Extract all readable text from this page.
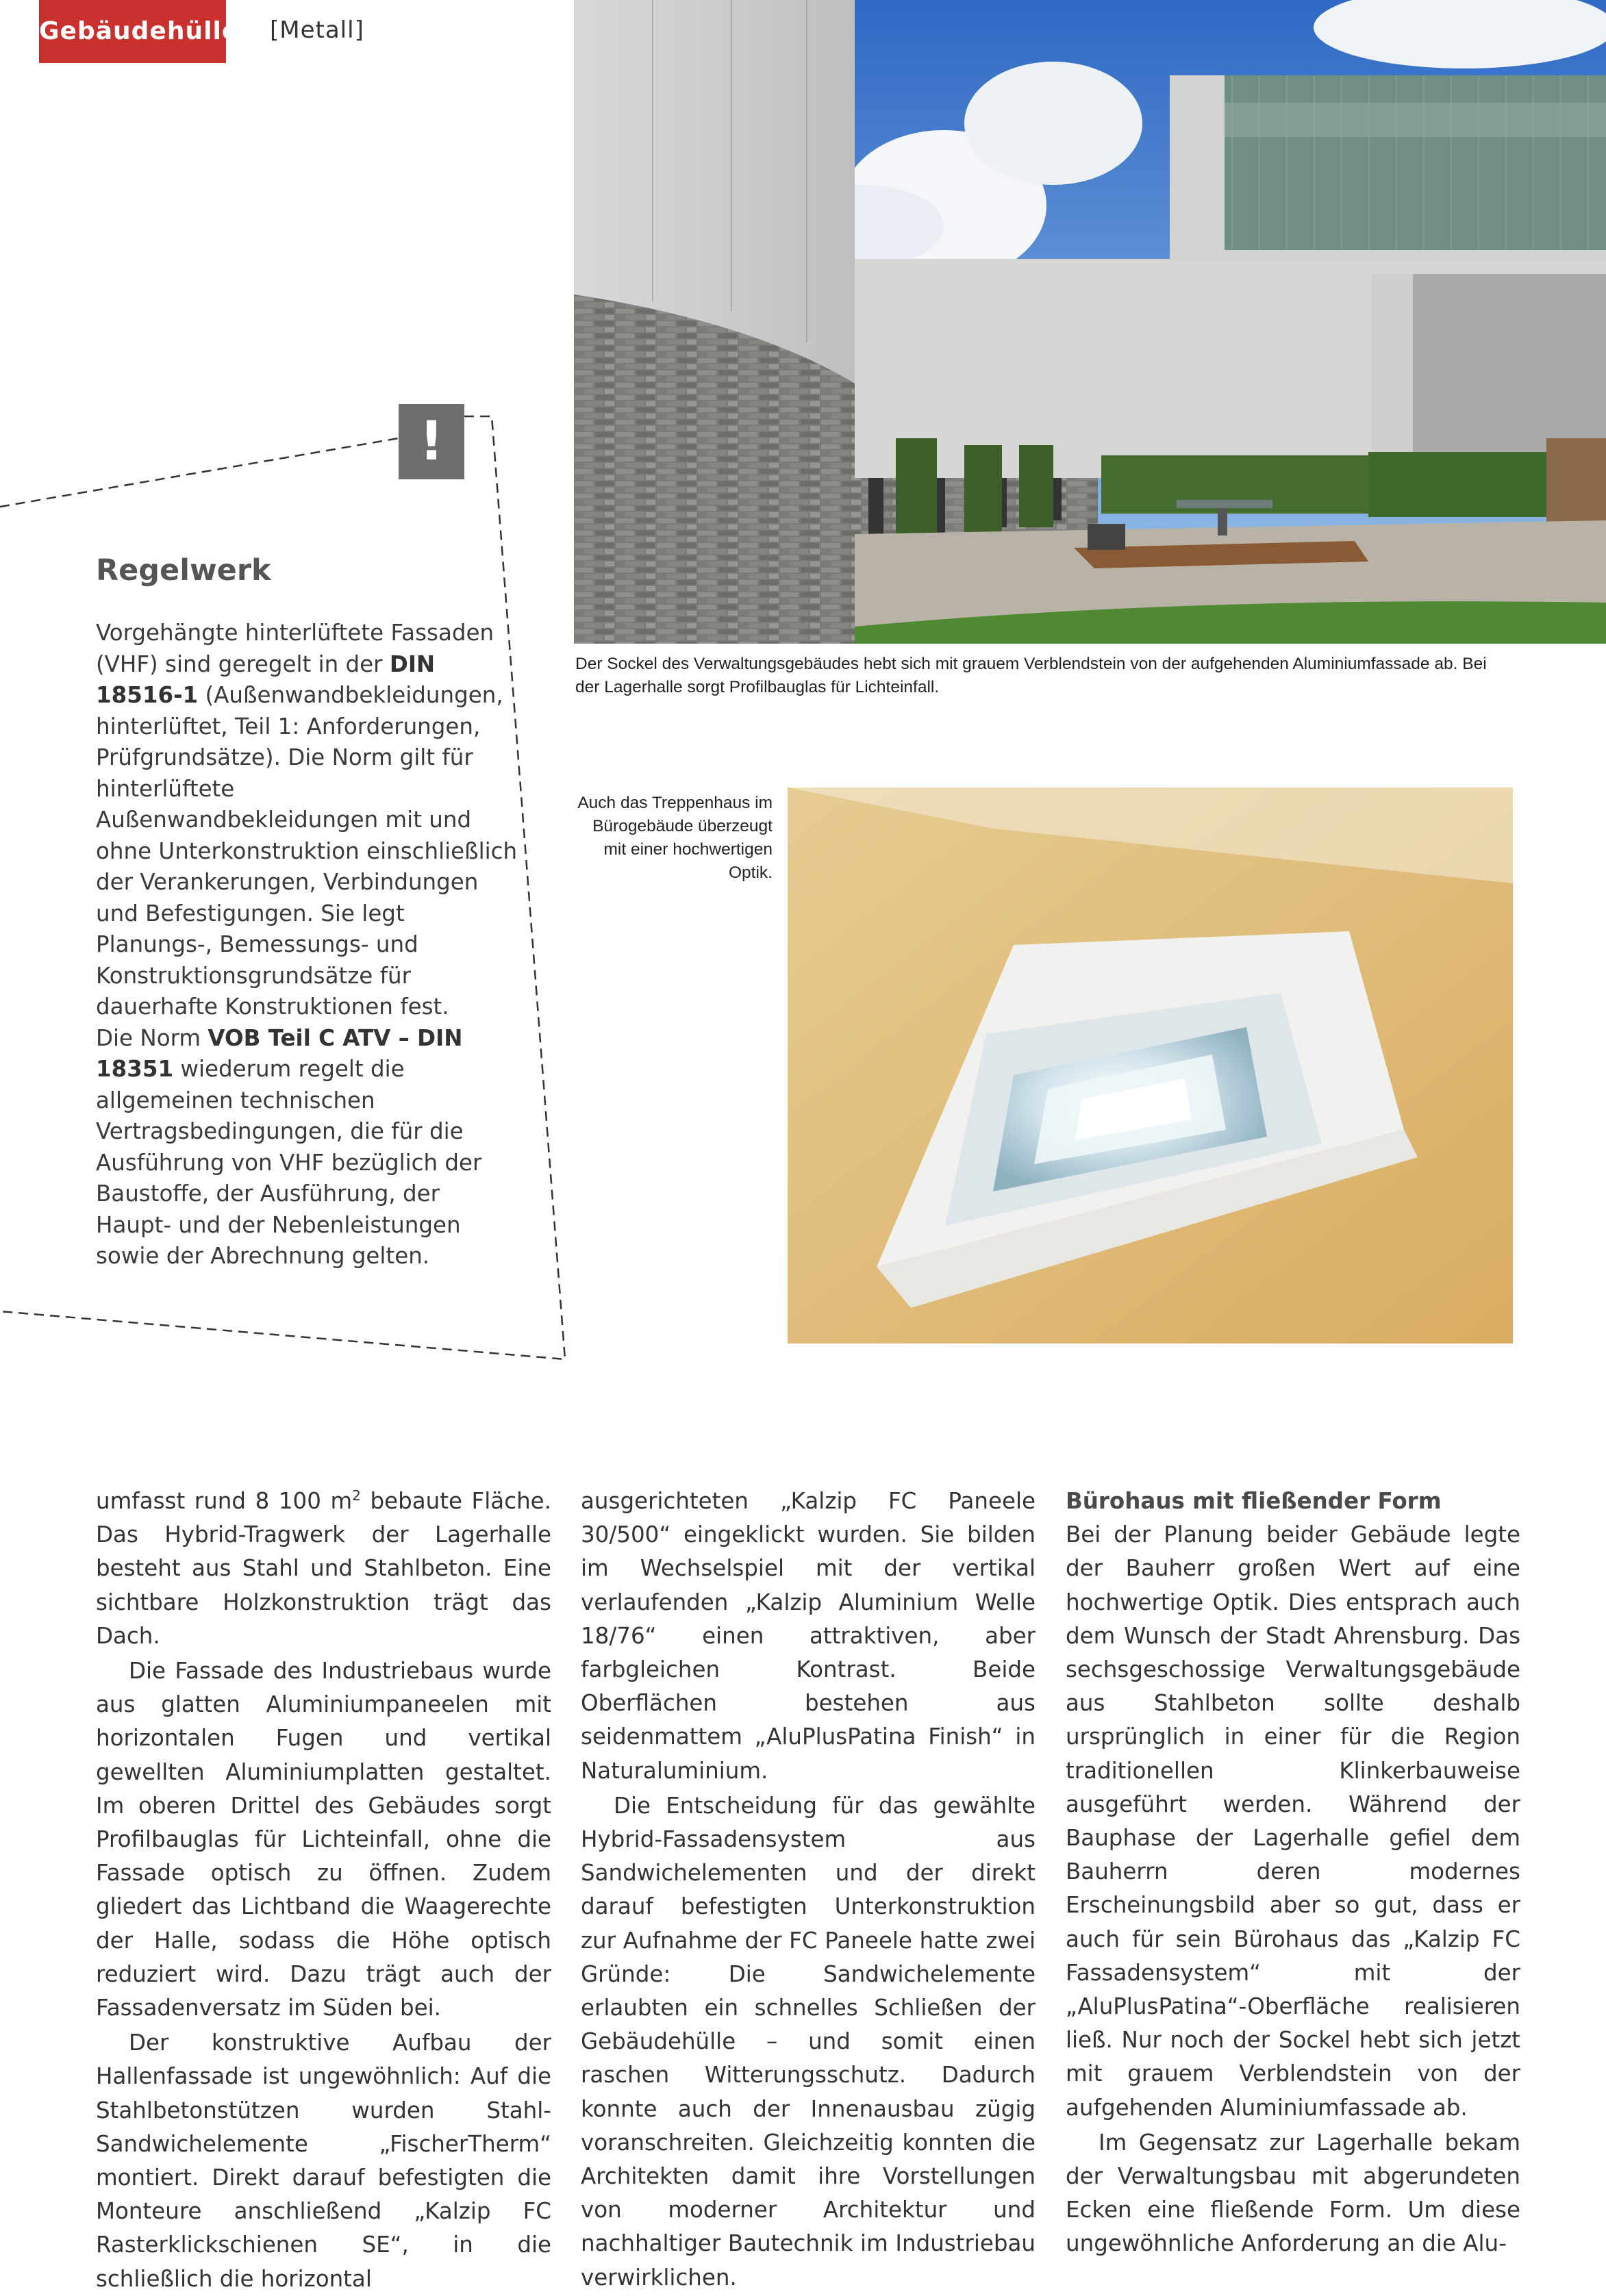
Gebäudehülle [Metall]
Der Sockel des Verwaltungsgebäudes hebt sich mit grauem Verblendstein von der aufgehenden Aluminiumfassade ab. Bei der Lagerhalle sorgt Profilbauglas für Lichteinfall.
Auch das Treppenhaus im Bürogebäude überzeugt mit einer hochwertigen Optik.
!
Regelwerk
Vorgehängte hinterlüftete Fassaden (VHF) sind geregelt in der DIN 18516-1 (Außenwandbekleidungen, hinterlüftet, Teil 1: Anforderungen, Prüfgrundsätze). Die Norm gilt für hinterlüftete Außenwandbekleidungen mit und ohne Unterkonstruktion einschließlich der Verankerungen, Verbindungen und Befestigungen. Sie legt Planungs-, Bemessungs- und Konstruktionsgrundsätze für dauerhafte Konstruktionen fest.
Die Norm VOB Teil C ATV – DIN 18351 wiederum regelt die allgemeinen technischen Vertragsbedingungen, die für die Ausführung von VHF bezüglich der Baustoffe, der Ausführung, der Haupt- und der Nebenleistungen sowie der Abrechnung gelten.

umfasst rund 8 100 $m^2$ bebaute Fläche. Das Hybrid-Tragwerk der Lagerhalle besteht aus Stahl und Stahlbeton. Eine sichtbare Holzkonstruktion trägt das Dach.

Die Fassade des Industriebaus wurde aus glatten Aluminiumpaneelen mit horizontalen Fugen und vertikal gewellten Aluminiumplatten gestaltet. Im oberen Drittel des Gebäudes sorgt Profilbauglas für Lichteinfall, ohne die Fassade optisch zu öffnen. Zudem gliedert das Lichtband die Waagerechte der Halle, sodass die Höhe optisch reduziert wird. Dazu trägt auch der Fassadenversatz im Süden bei.

Der konstruktive Aufbau der Hallenfassade ist ungewöhnlich: Auf die Stahlbetonstützen wurden Stahl-Sandwichelemente „FischerTherm“ montiert. Direkt darauf befestigten die Monteure anschließend „Kalzip FC Rasterklickschienen SE“, in die schließlich die horizontal

ausgerichteten „Kalzip FC Paneele 30/500“ eingeklickt wurden. Sie bilden im Wechselspiel mit der vertikal verlaufenden „Kalzip Aluminium Welle 18/76“ einen attraktiven, aber farbgleichen Kontrast. Beide Oberflächen bestehen aus seidenmattem „AluPlusPatina Finish“ in Naturaluminium.

Die Entscheidung für das gewählte Hybrid-Fassadensystem aus Sandwichelementen und der direkt darauf befestigten Unterkonstruktion zur Aufnahme der FC Paneele hatte zwei Gründe: Die Sandwichelemente erlaubten ein schnelles Schließen der Gebäudehülle – und somit einen raschen Witterungsschutz. Dadurch konnte auch der Innenausbau zügig voranschreiten. Gleichzeitig konnten die Architekten damit ihre Vorstellungen von moderner Architektur und nachhaltiger Bautechnik im Industriebau verwirklichen.

Bürohaus mit fließender Form

Bei der Planung beider Gebäude legte der Bauherr großen Wert auf eine hochwertige Optik. Dies entsprach auch dem Wunsch der Stadt Ahrensburg. Das sechsgeschossige Verwaltungsgebäude aus Stahlbeton sollte deshalb ursprünglich in einer für die Region traditionellen Klinkerbauweise ausgeführt werden. Während der Bauphase der Lagerhalle gefiel dem Bauherrn deren modernes Erscheinungsbild aber so gut, dass er auch für sein Bürohaus das „Kalzip FC Fassadensystem“ mit der „AluPlusPatina“-Oberfläche realisieren ließ. Nur noch der Sockel hebt sich jetzt mit grauem Verblendstein von der aufgehenden Aluminiumfassade ab.

Im Gegensatz zur Lagerhalle bekam der Verwaltungsbau mit abgerundeten Ecken eine fließende Form. Um diese ungewöhnliche Anforderung an die Alu-
